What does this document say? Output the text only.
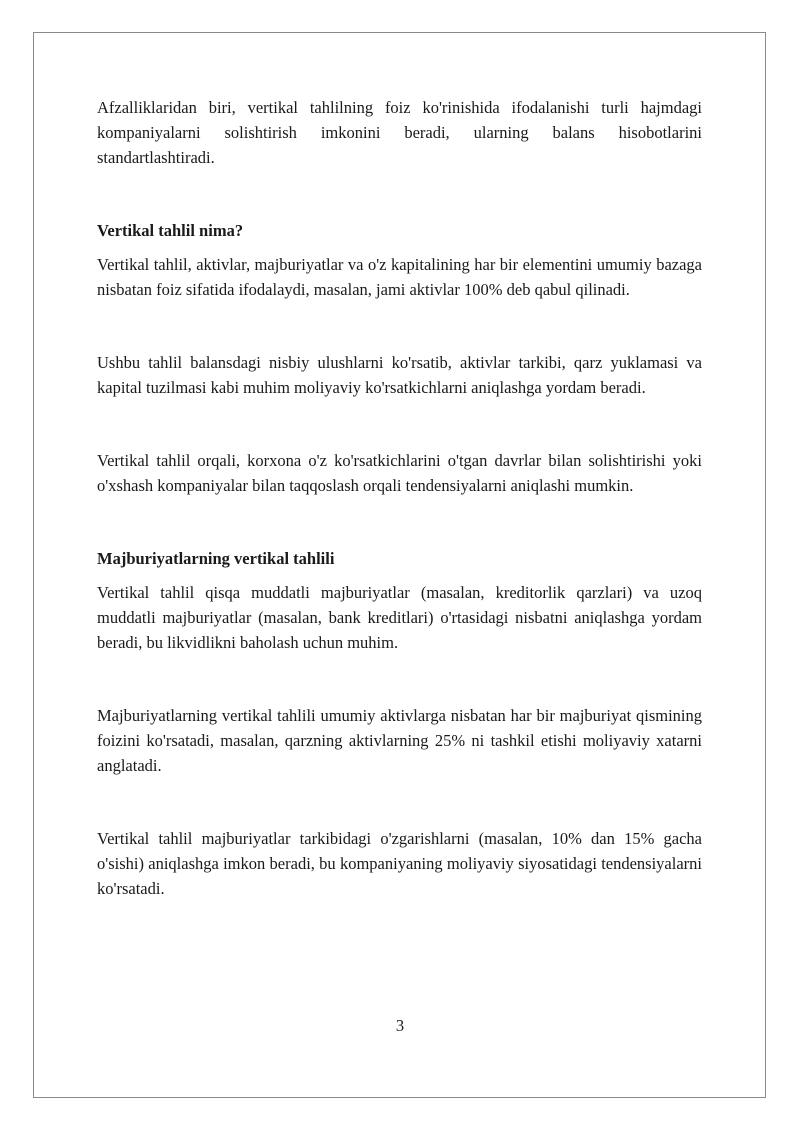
Afzalliklaridan biri, vertikal tahlilning foiz ko'rinishida ifodalanishi turli hajmdagi kompaniyalarni solishtirish imkonini beradi, ularning balans hisobotlarini standartlashtiradi.

Vertikal tahlil nima?

Vertikal tahlil, aktivlar, majburiyatlar va o'z kapitalining har bir elementini umumiy bazaga nisbatan foiz sifatida ifodalaydi, masalan, jami aktivlar 100% deb qabul qilinadi.

Ushbu tahlil balansdagi nisbiy ulushlarni ko'rsatib, aktivlar tarkibi, qarz yuklamasi va kapital tuzilmasi kabi muhim moliyaviy ko'rsatkichlarni aniqlashga yordam beradi.

Vertikal tahlil orqali, korxona o'z ko'rsatkichlarini o'tgan davrlar bilan solishtirishi yoki o'xshash kompaniyalar bilan taqqoslash orqali tendensiyalarni aniqlashi mumkin.

Majburiyatlarning vertikal tahlili

Vertikal tahlil qisqa muddatli majburiyatlar (masalan, kreditorlik qarzlari) va uzoq muddatli majburiyatlar (masalan, bank kreditlari) o'rtasidagi nisbatni aniqlashga yordam beradi, bu likvidlikni baholash uchun muhim.

Majburiyatlarning vertikal tahlili umumiy aktivlarga nisbatan har bir majburiyat qismining foizini ko'rsatadi, masalan, qarzning aktivlarning 25% ni tashkil etishi moliyaviy xatarni anglatadi.

Vertikal tahlil majburiyatlar tarkibidagi o'zgarishlarni (masalan, 10% dan 15% gacha o'sishi) aniqlashga imkon beradi, bu kompaniyaning moliyaviy siyosatidagi tendensiyalarni ko'rsatadi.

3
